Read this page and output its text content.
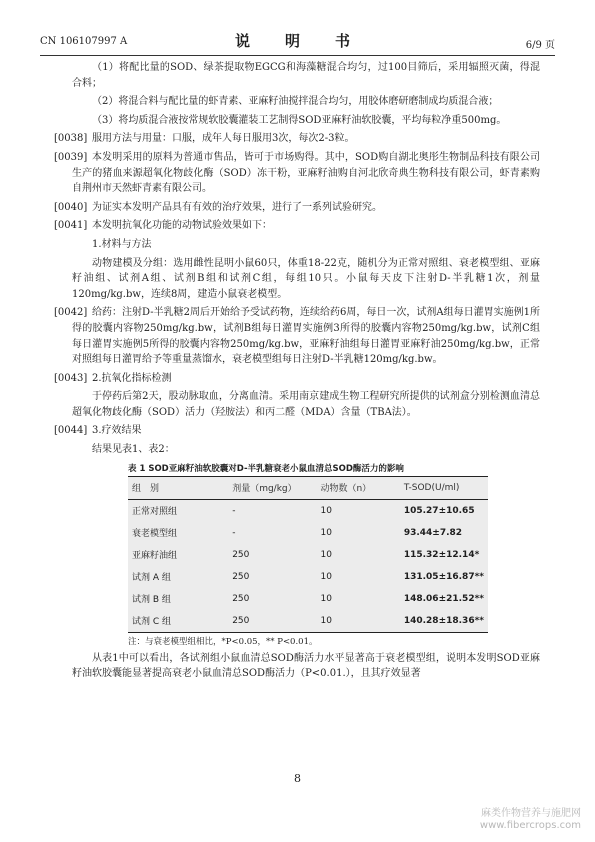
CN 106107997 A	说　明　书	6/9 页

（1）将配比量的SOD、绿茶提取物EGCG和海藻糖混合均匀，过100目筛后，采用辐照灭菌，得混合料；

（2）将混合料与配比量的虾青素、亚麻籽油搅拌混合均匀，用胶体磨研磨制成均质混合液；

（3）将均质混合液按常规软胶囊灌装工艺制得SOD亚麻籽油软胶囊，平均每粒净重500mg。

[0038] 服用方法与用量：口服，成年人每日服用3次，每次2-3粒。

[0039] 本发明采用的原料为普通市售品，皆可于市场购得。其中，SOD购自湖北奥彤生物制品科技有限公司生产的猪血来源超氧化物歧化酶（SOD）冻干粉，亚麻籽油购自河北欣奇典生物科技有限公司，虾青素购自荆州市天然虾青素有限公司。

[0040] 为证实本发明产品具有有效的治疗效果，进行了一系列试验研究。

[0041] 本发明抗氧化功能的动物试验效果如下：

1.材料与方法

动物建模及分组：选用雌性昆明小鼠60只，体重18-22克，随机分为正常对照组、衰老模型组、亚麻籽油组、试剂A组、试剂B组和试剂C组，每组10只。小鼠每天皮下注射D-半乳糖1次，剂量120mg/kg.bw，连续8周，建造小鼠衰老模型。

[0042] 给药：注射D-半乳糖2周后开始给予受试药物，连续给药6周，每日一次，试剂A组每日灌胃实施例1所得的胶囊内容物250mg/kg.bw，试剂B组每日灌胃实施例3所得的胶囊内容物250mg/kg.bw，试剂C组每日灌胃实施例5所得的胶囊内容物250mg/kg.bw，亚麻籽油组每日灌胃亚麻籽油250mg/kg.bw，正常对照组每日灌胃给予等重量蒸馏水，衰老模型组每日注射D-半乳糖120mg/kg.bw。

[0043] 2.抗氧化指标检测

于停药后第2天，股动脉取血，分离血清。采用南京建成生物工程研究所提供的试剂盒分别检测血清总超氧化物歧化酶（SOD）活力（羟胺法）和丙二醛（MDA）含量（TBA法）。

[0044] 3.疗效结果

结果见表1、表2：

表 1 SOD亚麻籽油软胶囊对D-半乳糖衰老小鼠血清总SOD酶活力的影响
组　别	剂量（mg/kg）	动物数（n）	T-SOD(U/ml)
正常对照组	-	10	105.27±10.65
衰老模型组	-	10	93.44±7.82
亚麻籽油组	250	10	115.32±12.14*
试剂 A 组	250	10	131.05±16.87**
试剂 B 组	250	10	148.06±21.52**
试剂 C 组	250	10	140.28±18.36**
注：与衰老模型组相比，*P<0.05，** P<0.01。

从表1中可以看出，各试剂组小鼠血清总SOD酶活力水平显著高于衰老模型组，说明本发明SOD亚麻籽油软胶囊能显著提高衰老小鼠血清总SOD酶活力（P<0.01.），且其疗效显著

8
麻类作物营养与施肥网
www.fibercrops.com
